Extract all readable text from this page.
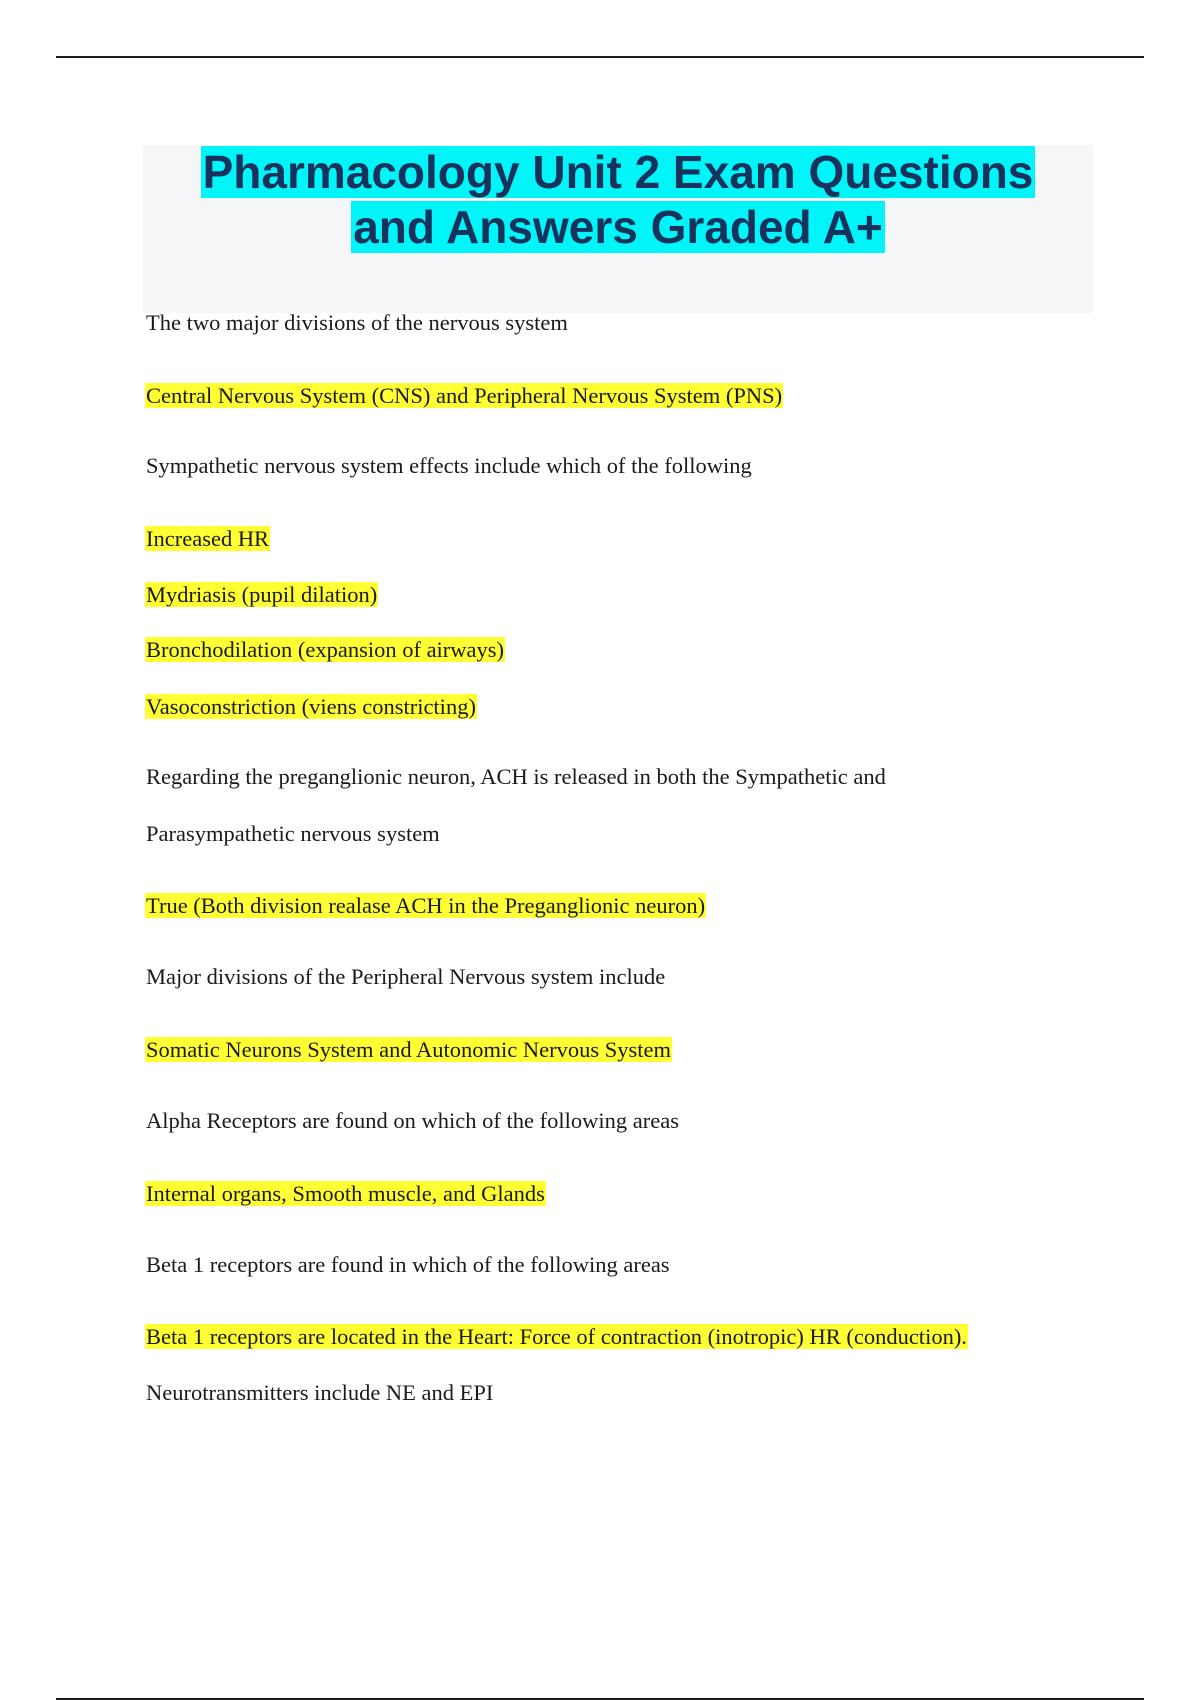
Pharmacology Unit 2 Exam Questions
and Answers Graded A+
The two major divisions of the nervous system
Central Nervous System (CNS) and Peripheral Nervous System (PNS)
Sympathetic nervous system effects include which of the following
Increased HR
Mydriasis (pupil dilation)
Bronchodilation (expansion of airways)
Vasoconstriction (viens constricting)
Regarding the preganglionic neuron, ACH is released in both the Sympathetic and
Parasympathetic nervous system
True (Both division realase ACH in the Preganglionic neuron)
Major divisions of the Peripheral Nervous system include
Somatic Neurons System and Autonomic Nervous System
Alpha Receptors are found on which of the following areas
Internal organs, Smooth muscle, and Glands
Beta 1 receptors are found in which of the following areas
Beta 1 receptors are located in the Heart: Force of contraction (inotropic) HR (conduction).
Neurotransmitters include NE and EPI
